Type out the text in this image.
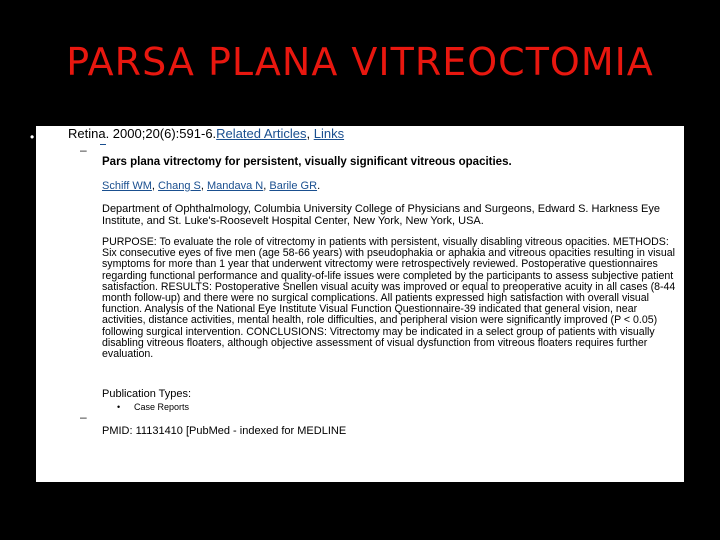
PARSA PLANA VITREOCTOMIA
•	Retina. 2000;20(6):591-6.Related Articles, Links
–
Pars plana vitrectomy for persistent, visually significant vitreous opacities.
Schiff WM, Chang S, Mandava N, Barile GR.
Department of Ophthalmology, Columbia University College of Physicians and Surgeons, Edward S. Harkness Eye Institute, and St. Luke's-Roosevelt Hospital Center, New York, New York, USA.
PURPOSE: To evaluate the role of vitrectomy in patients with persistent, visually disabling vitreous opacities. METHODS: Six consecutive eyes of five men (age 58-66 years) with pseudophakia or aphakia and vitreous opacities resulting in visual symptoms for more than 1 year that underwent vitrectomy were retrospectively reviewed. Postoperative questionnaires regarding functional performance and quality-of-life issues were completed by the participants to assess subjective patient satisfaction. RESULTS: Postoperative Snellen visual acuity was improved or equal to preoperative acuity in all cases (8-44 month follow-up) and there were no surgical complications. All patients expressed high satisfaction with overall visual function. Analysis of the National Eye Institute Visual Function Questionnaire-39 indicated that general vision, near activities, distance activities, mental health, role difficulties, and peripheral vision were significantly improved (P < 0.05) following surgical intervention. CONCLUSIONS: Vitrectomy may be indicated in a select group of patients with visually disabling vitreous floaters, although objective assessment of visual dysfunction from vitreous floaters requires further evaluation.
Publication Types:
• Case Reports
–
PMID: 11131410 [PubMed - indexed for MEDLINE
